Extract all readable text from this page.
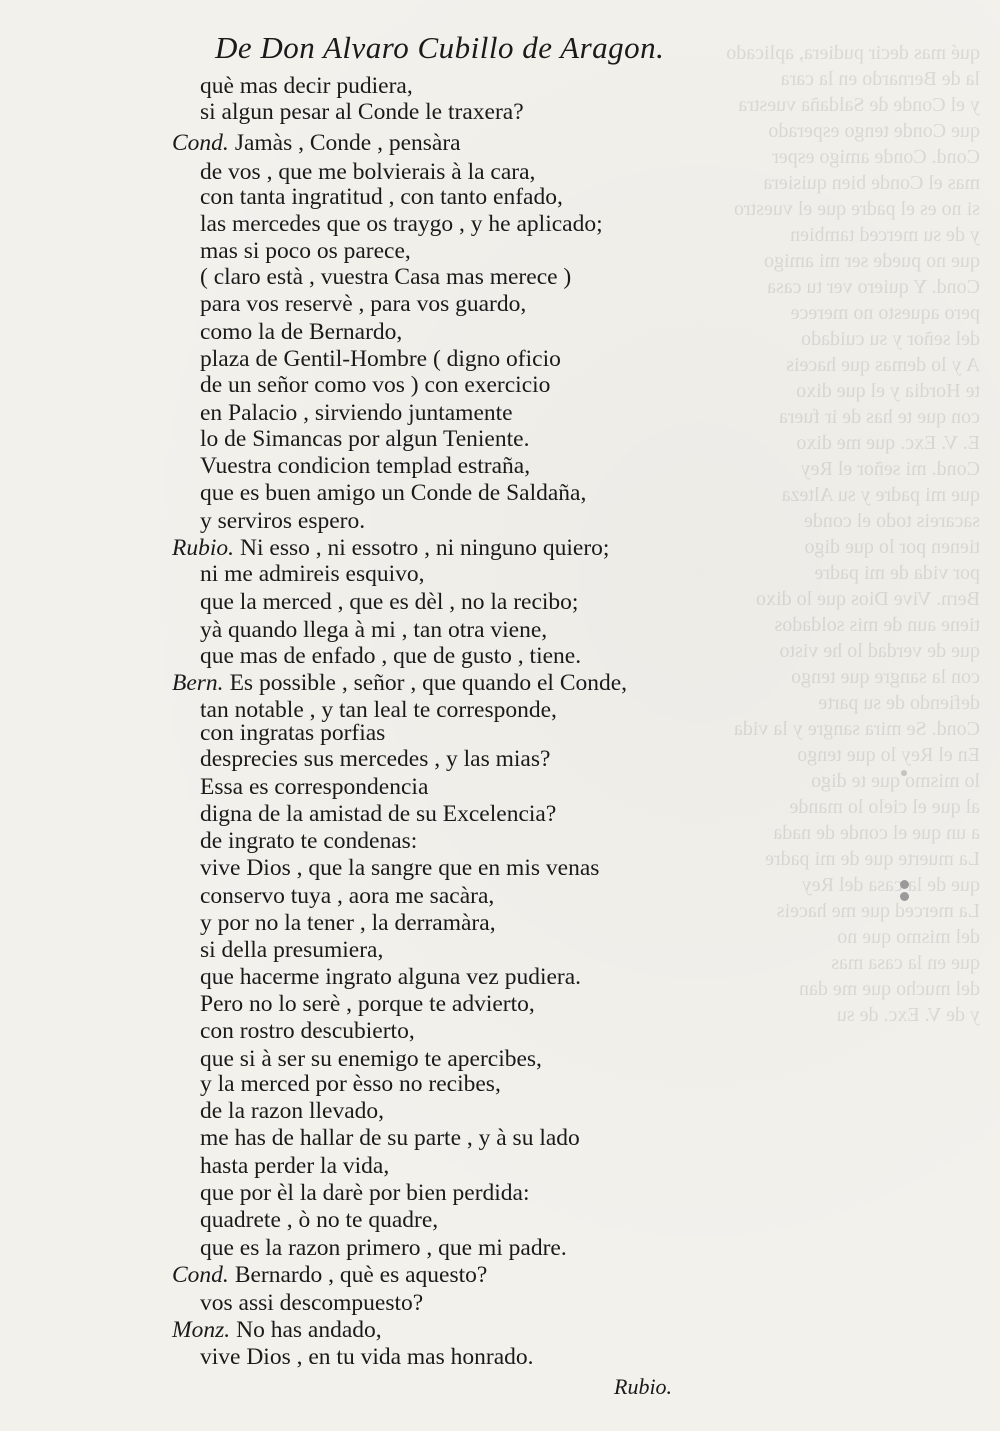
qué mas decir pudiera, aplicado
la de Bernardo en la cara
y el Conde de Saldaña vuestra
que Conde tengo esperado
Cond. Conde amigo esper
mas el Conde bien quisiera
si no es el padre que el vuestro
y de su merced tambien
que no puede ser mi amigo
Cond. Y quiero ver tu casa
pero aquesto no merece
del señor y su cuidado
A y lo demas que haceis
te Hordia y el que dixo
con que te has de ir fuera
E. V. Exc. que me dixo
Cond. mi señor el Rey
que mi padre y su Alteza
sacareis todo el conde
tienen por lo que digo
por vida de mi padre
Bern. Vive Dios que lo dixo
tiene aun de mis soldados
que de verdad lo he visto
con la sangre que tengo
defiendo de su parte
Cond. Se mira sangre y la vida
En el Rey lo que tengo
lo mismo que te digo
al que el cielo lo mande
a un que el conde de nada
La muerte que de mi padre
que de la casa del Rey
La merced que me haceis
del mismo que no
que en la casa mas
del mucho que me dan
y de V. Exc. de su
De Don Alvaro Cubillo de Aragon.
què mas decir pudiera,
si algun pesar al Conde le traxera?
Cond. Jamàs , Conde , pensàra
de vos , que me bolvierais à la cara,
con tanta ingratitud , con tanto enfado,
las mercedes que os traygo , y he aplicado;
mas si poco os parece,
( claro està , vuestra Casa mas merece )
para vos reservè , para vos guardo,
como la de Bernardo,
plaza de Gentil-Hombre ( digno oficio
de un señor como vos ) con exercicio
en Palacio , sirviendo juntamente
lo de Simancas por algun Teniente.
Vuestra condicion templad estraña,
que es buen amigo un Conde de Saldaña,
y serviros espero.
Rubio. Ni esso , ni essotro , ni ninguno quiero;
ni me admireis esquivo,
que la merced , que es dèl , no la recibo;
yà quando llega à mi , tan otra viene,
que mas de enfado , que de gusto , tiene.
Bern. Es possible , señor , que quando el Conde,
tan notable , y tan leal te corresponde,
con ingratas porfias
desprecies sus mercedes , y las mias?
Essa es correspondencia
digna de la amistad de su Excelencia?
de ingrato te condenas:
vive Dios , que la sangre que en mis venas
conservo tuya , aora me sacàra,
y por no la tener , la derramàra,
si della presumiera,
que hacerme ingrato alguna vez pudiera.
Pero no lo serè , porque te advierto,
con rostro descubierto,
que si à ser su enemigo te apercibes,
y la merced por èsso no recibes,
de la razon llevado,
me has de hallar de su parte , y à su lado
hasta perder la vida,
que por èl la darè por bien perdida:
quadrete , ò no te quadre,
que es la razon primero , que mi padre.
Cond. Bernardo , què es aquesto?
vos assi descompuesto?
Monz. No has andado,
vive Dios , en tu vida mas honrado.
Rubio.
